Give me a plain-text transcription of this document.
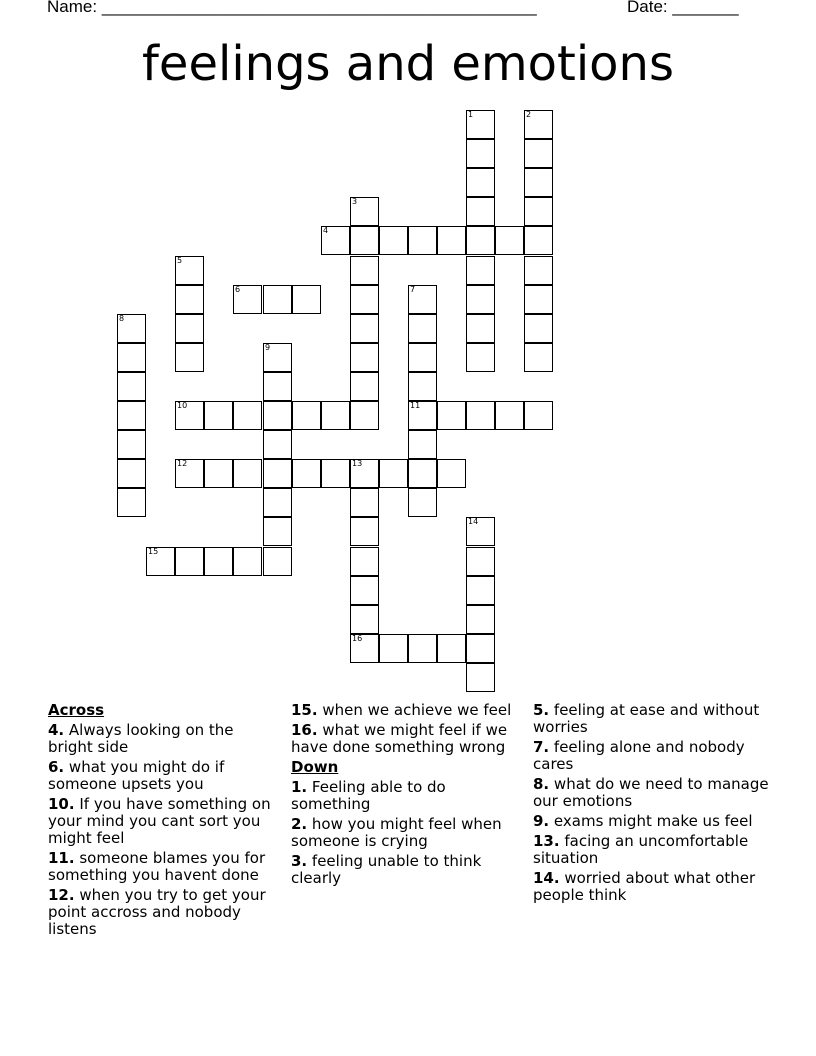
Name: ______________________________________________	Date: _______
feelings and emotions
1	2
3
4
5
6	7
11
8
9
10
12	13
16
14
15
Across
4. Always looking on the bright side
6. what you might do if someone upsets you
10. If you have something on your mind you cant sort you might feel
11. someone blames you for something you havent done
12. when you try to get your point accross and nobody listens
15. when we achieve we feel
16. what we might feel if we have done something wrong
Down
1. Feeling able to do something
2. how you might feel when someone is crying
3. feeling unable to think clearly
5. feeling at ease and without worries
7. feeling alone and nobody cares
8. what do we need to manage our emotions
9. exams might make us feel
13. facing an uncomfortable situation
14. worried about what other people think
